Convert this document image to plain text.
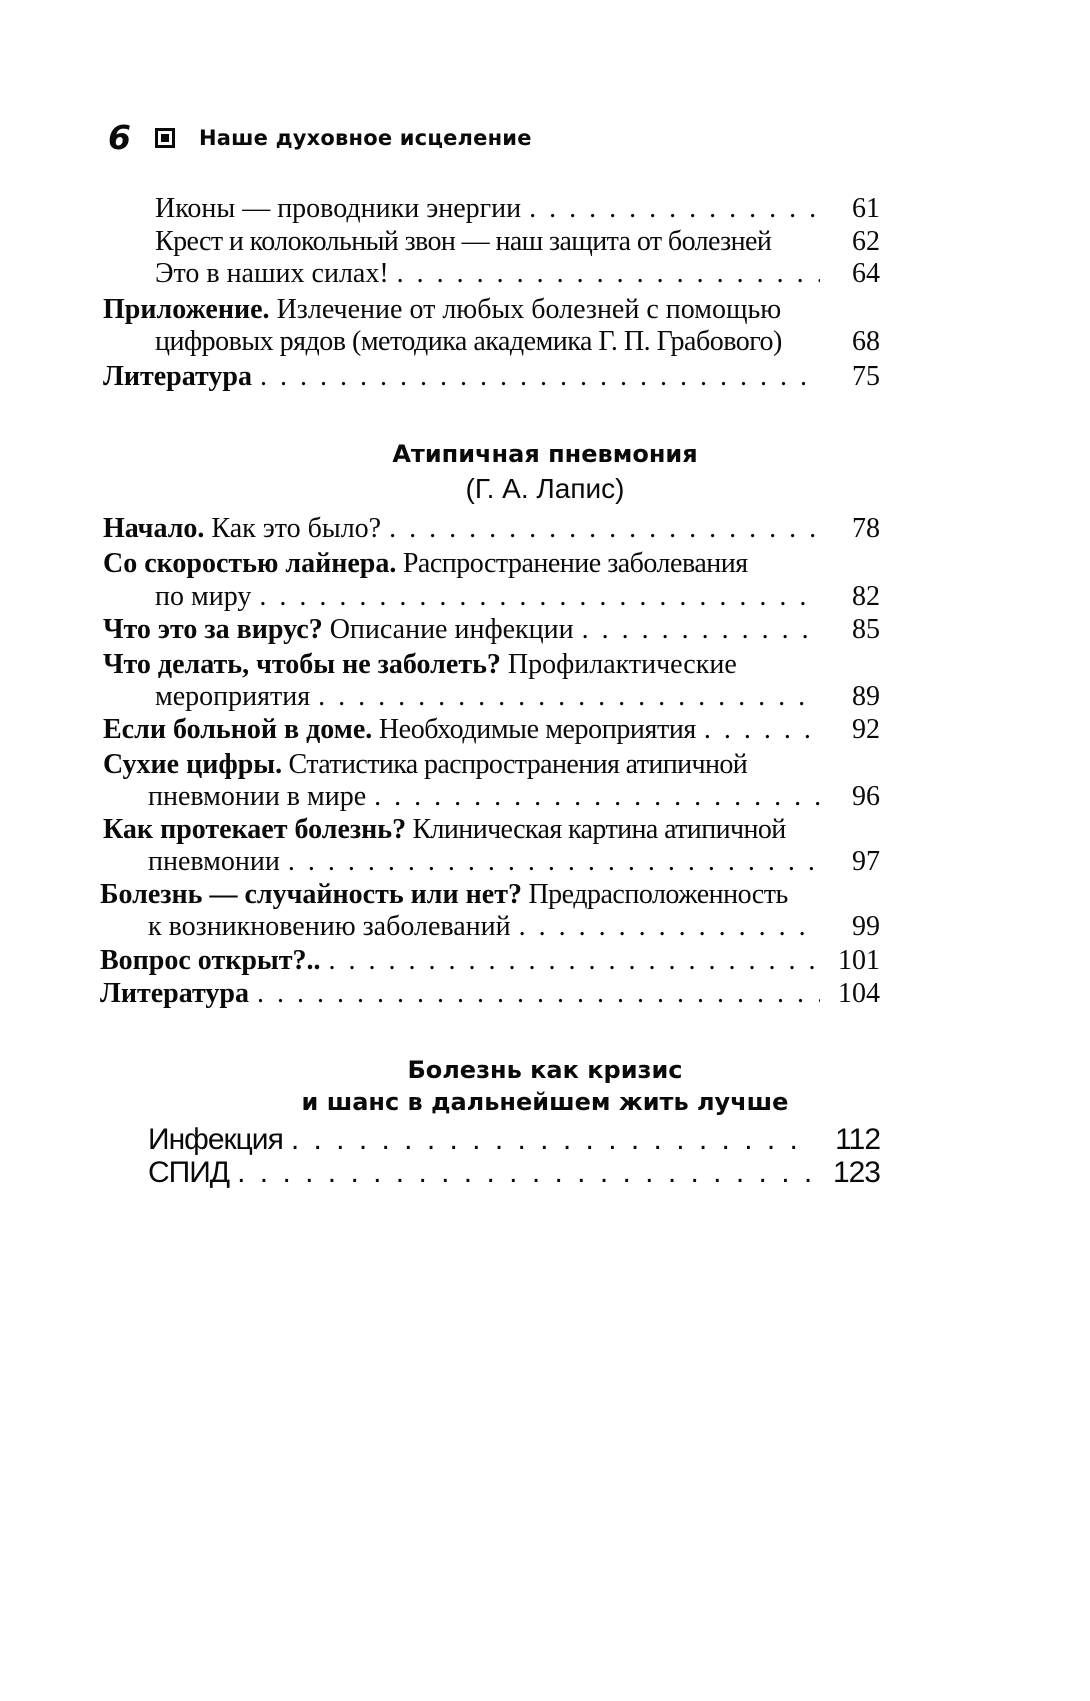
6	Наше духовное исцеление
Иконы — проводники энергии . . .	61
Крест и колокольный звон — наш защита от болезней	62
Это в наших силах! . . .	64
Приложение. Излечение от любых болезней с помощью
цифровых рядов (методика академика Г. П. Грабового)	68
Литература . . .	75
Атипичная пневмония
(Г. А. Лапис)
Начало. Как это было? . . .	78
Со скоростью лайнера. Распространение заболевания
по миру . . .	82
Что это за вирус? Описание инфекции . . .	85
Что делать, чтобы не заболеть? Профилактические
мероприятия . . .	89
Если больной в доме. Необходимые мероприятия . . .	92
Сухие цифры. Статистика распространения атипичной
пневмонии в мире . . .	96
Как протекает болезнь? Клиническая картина атипичной
пневмонии . . .	97
Болезнь — случайность или нет? Предрасположенность
к возникновению заболеваний . . .	99
Вопрос открыт?.. . . .	101
Литература . . .	104
Болезнь как кризис
и шанс в дальнейшем жить лучше
Инфекция . . .	112
СПИД . . .	123
